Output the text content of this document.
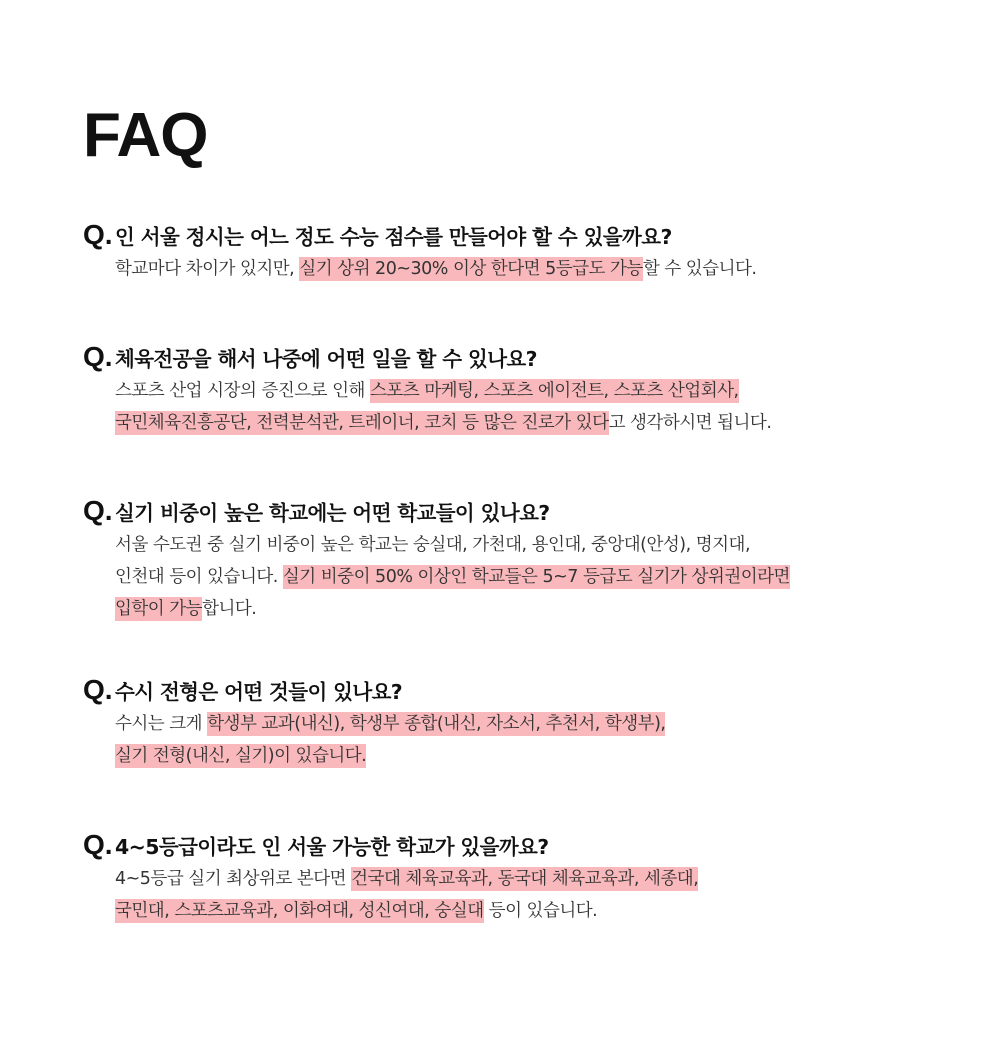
FAQ
Q. 인 서울 정시는 어느 정도 수능 점수를 만들어야 할 수 있을까요?
학교마다 차이가 있지만, 실기 상위 20~30% 이상 한다면 5등급도 가능할 수 있습니다.
Q. 체육전공을 해서 나중에 어떤 일을 할 수 있나요?
스포츠 산업 시장의 증진으로 인해 스포츠 마케팅, 스포츠 에이전트, 스포츠 산업회사,
국민체육진흥공단, 전력분석관, 트레이너, 코치 등 많은 진로가 있다고 생각하시면 됩니다.
Q. 실기 비중이 높은 학교에는 어떤 학교들이 있나요?
서울 수도권 중 실기 비중이 높은 학교는 숭실대, 가천대, 용인대, 중앙대(안성), 명지대,
인천대 등이 있습니다. 실기 비중이 50% 이상인 학교들은 5~7 등급도 실기가 상위권이라면
입학이 가능합니다.
Q. 수시 전형은 어떤 것들이 있나요?
수시는 크게 학생부 교과(내신), 학생부 종합(내신, 자소서, 추천서, 학생부),
실기 전형(내신, 실기)이 있습니다.
Q. 4~5등급이라도 인 서울 가능한 학교가 있을까요?
4~5등급 실기 최상위로 본다면 건국대 체육교육과, 동국대 체육교육과, 세종대,
국민대, 스포츠교육과, 이화여대, 성신여대, 숭실대 등이 있습니다.
